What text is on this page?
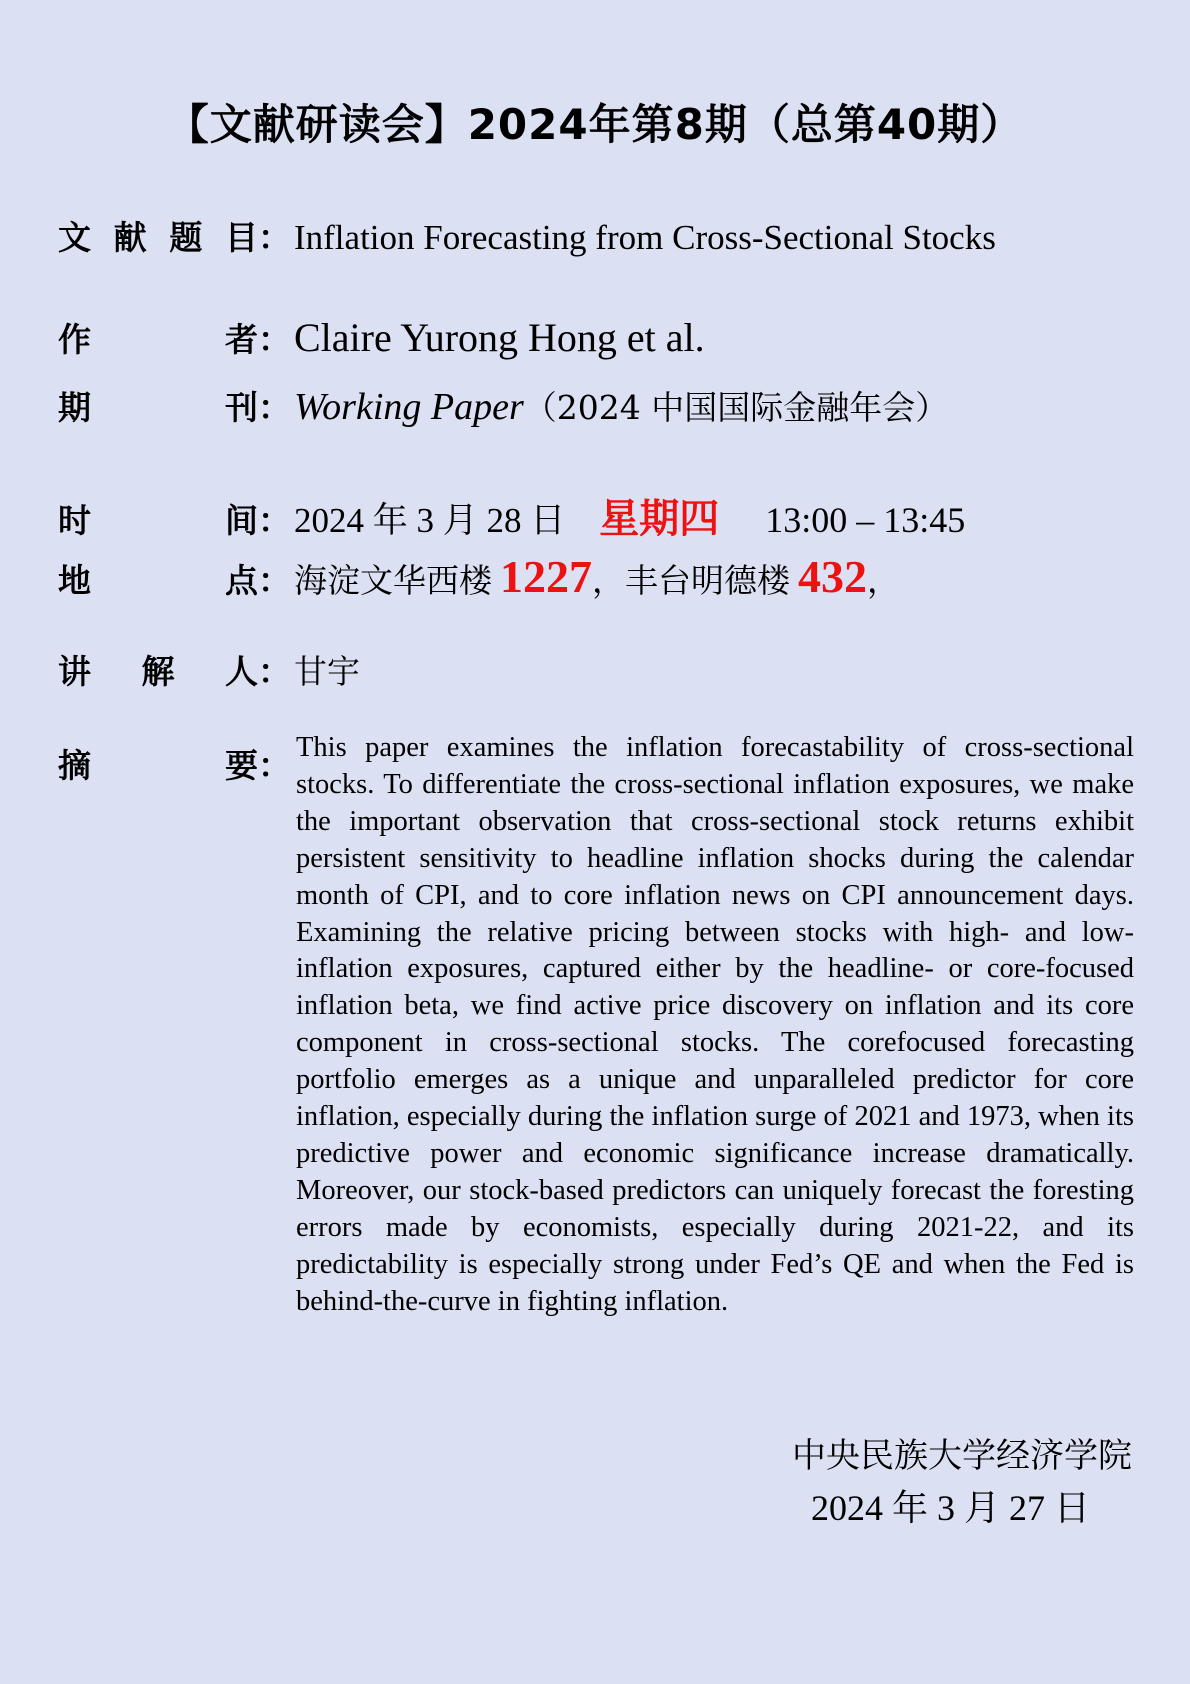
【文献研读会】2024年第8期（总第40期）
文 献 题 目 ： Inflation Forecasting from Cross-Sectional Stocks
作	者 ： Claire Yurong Hong et al.
期	刊 ： Working Paper（2024 中国国际金融年会）
时	间 ： 2024 年 3 月 28 日 星期四 13:00 – 13:45
地	点 ： 海淀文华西楼 1227，丰台明德楼 432，
讲 解 人 ： 甘宇
摘	要 ： This paper examines the inflation forecastability of cross-sectional stocks. To differentiate the cross-sectional inflation exposures, we make the important observation that cross-sectional stock returns exhibit persistent sensitivity to headline inflation shocks during the calendar month of CPI, and to core inflation news on CPI announcement days. Examining the relative pricing between stocks with high- and low-inflation exposures, captured either by the headline- or core-focused inflation beta, we find active price discovery on inflation and its core component in cross-sectional stocks. The corefocused forecasting portfolio emerges as a unique and unparalleled predictor for core inflation, especially during the inflation surge of 2021 and 1973, when its predictive power and economic significance increase dramatically. Moreover, our stock-based predictors can uniquely forecast the foresting errors made by economists, especially during 2021-22, and its predictability is especially strong under Fed’s QE and when the Fed is behind-the-curve in fighting inflation.
中央民族大学经济学院
2024 年 3 月 27 日
